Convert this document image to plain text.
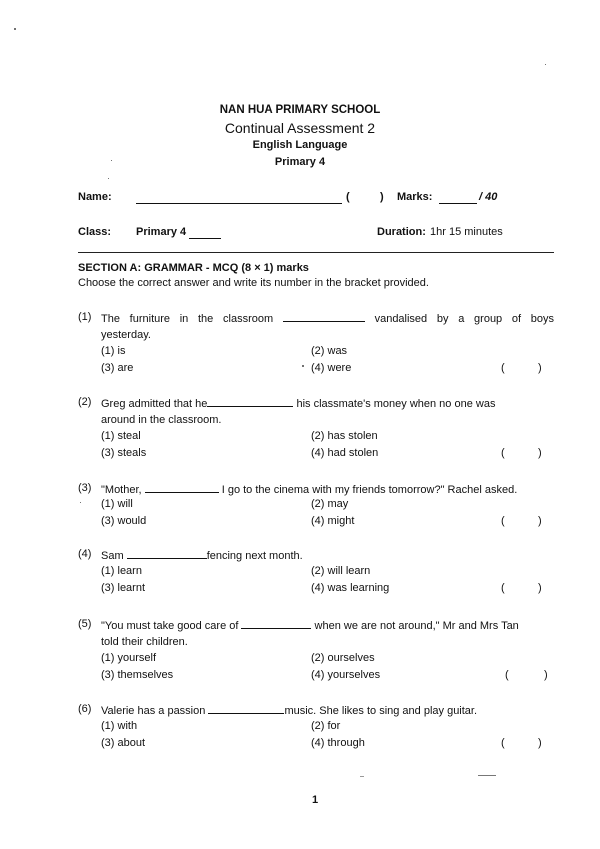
NAN HUA PRIMARY SCHOOL
Continual Assessment 2
English Language
Primary 4
Name:	(	) Marks:	/ 40
Class: Primary 4	Duration: 1hr 15 minutes
SECTION A: GRAMMAR - MCQ (8 × 1) marks
Choose the correct answer and write its number in the bracket provided.
(1) The furniture in the classroom	vandalised by a group of boys
yesterday.
(1) is	(2) was
(3) are	(4) were	(	)
(2) Greg admitted that he	his classmate's money when no one was
around in the classroom.
(1) steal	(2) has stolen
(3) steals	(4) had stolen	(	)
(3) "Mother,	I go to the cinema with my friends tomorrow?" Rachel asked.
(1) will	(2) may
(3) would	(4) might	(	)
(4) Sam	fencing next month.
(1) learn	(2) will learn
(3) learnt	(4) was learning	(	)
(5) "You must take good care of	when we are not around," Mr and Mrs Tan
told their children.
(1) yourself	(2) ourselves
(3) themselves	(4) yourselves	(	)
(6) Valerie has a passion	music. She likes to sing and play guitar.
(1) with	(2) for
(3) about	(4) through	(	)
1
